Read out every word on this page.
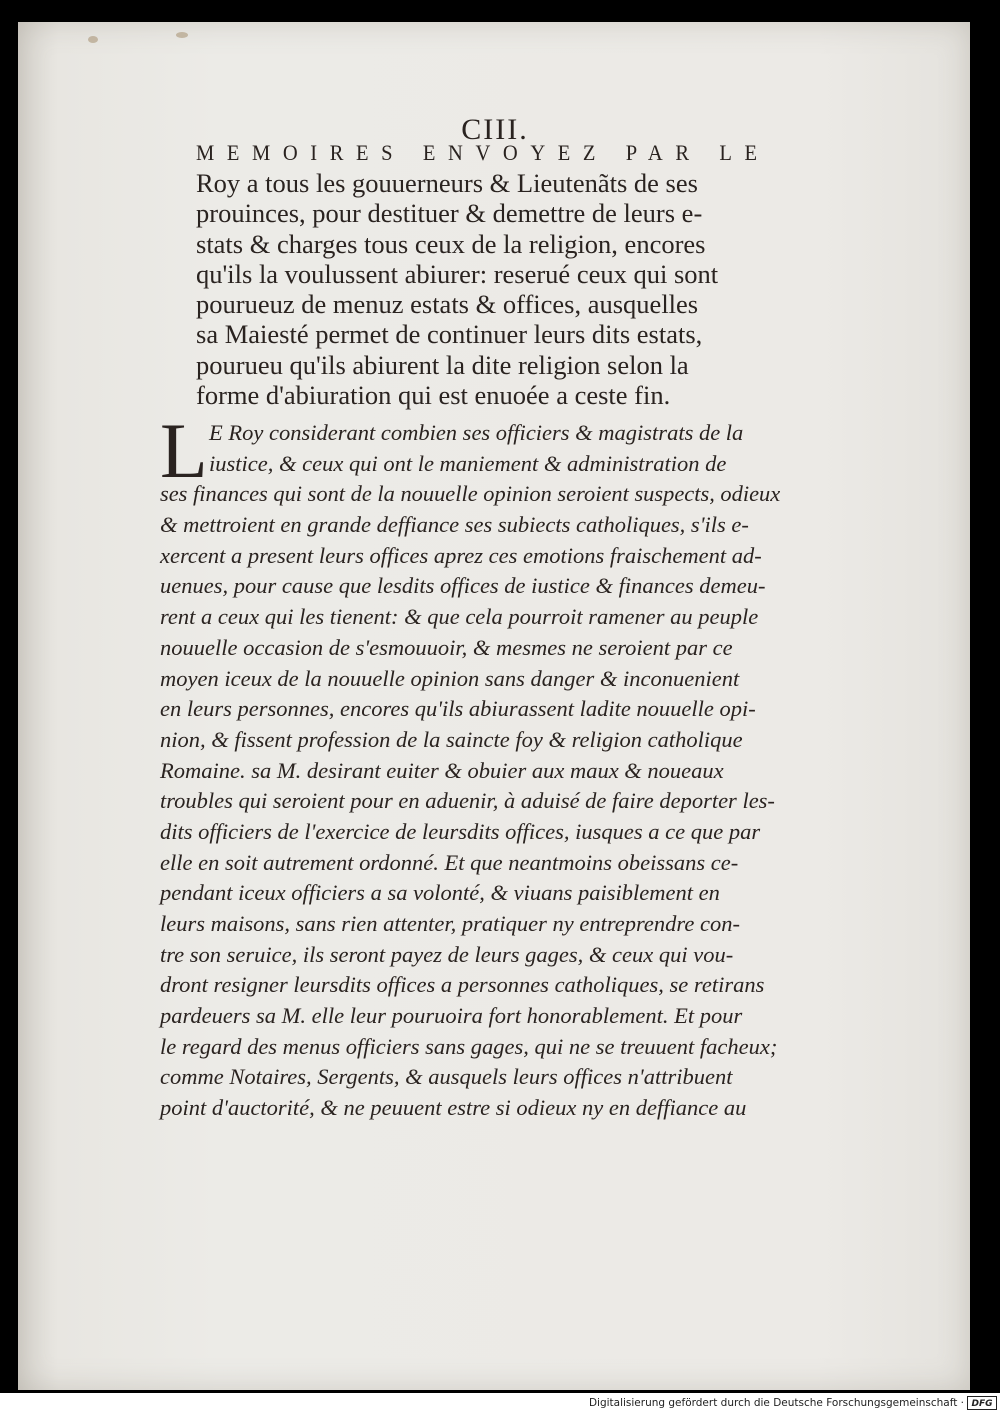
CIII.
MEMOIRES ENVOYEZ PAR LE
Roy a tous les gouuerneurs & Lieutenãts de ses
prouinces, pour destituer & demettre de leurs e-
stats & charges tous ceux de la religion, encores
qu'ils la voulussent abiurer: reserué ceux qui sont
pourueuz de menuz estats & offices, ausquelles
sa Maiesté permet de continuer leurs dits estats,
pourueu qu'ils abiurent la dite religion selon la
forme d'abiuration qui est enuoée a ceste fin.
L E Roy considerant combien ses officiers & magistrats de la
iustice, & ceux qui ont le maniement & administration de
ses finances qui sont de la nouuelle opinion seroient suspects, odieux
& mettroient en grande deffiance ses subiects catholiques, s'ils e-
xercent a present leurs offices aprez ces emotions fraischement ad-
uenues, pour cause que lesdits offices de iustice & finances demeu-
rent a ceux qui les tienent: & que cela pourroit ramener au peuple
nouuelle occasion de s'esmouuoir, & mesmes ne seroient par ce
moyen iceux de la nouuelle opinion sans danger & inconuenient
en leurs personnes, encores qu'ils abiurassent ladite nouuelle opi-
nion, & fissent profession de la saincte foy & religion catholique
Romaine. sa M. desirant euiter & obuier aux maux & noueaux
troubles qui seroient pour en aduenir, à aduisé de faire deporter les-
dits officiers de l'exercice de leursdits offices, iusques a ce que par
elle en soit autrement ordonné. Et que neantmoins obeissans ce-
pendant iceux officiers a sa volonté, & viuans paisiblement en
leurs maisons, sans rien attenter, pratiquer ny entreprendre con-
tre son seruice, ils seront payez de leurs gages, & ceux qui vou-
dront resigner leursdits offices a personnes catholiques, se retirans
pardeuers sa M. elle leur pouruoira fort honorablement. Et pour
le regard des menus officiers sans gages, qui ne se treuuent facheux;
comme Notaires, Sergents, & ausquels leurs offices n'attribuent
point d'auctorité, & ne peuuent estre si odieux ny en deffiance au
Digitalisierung gefördert durch die Deutsche Forschungsgemeinschaft · DFG
